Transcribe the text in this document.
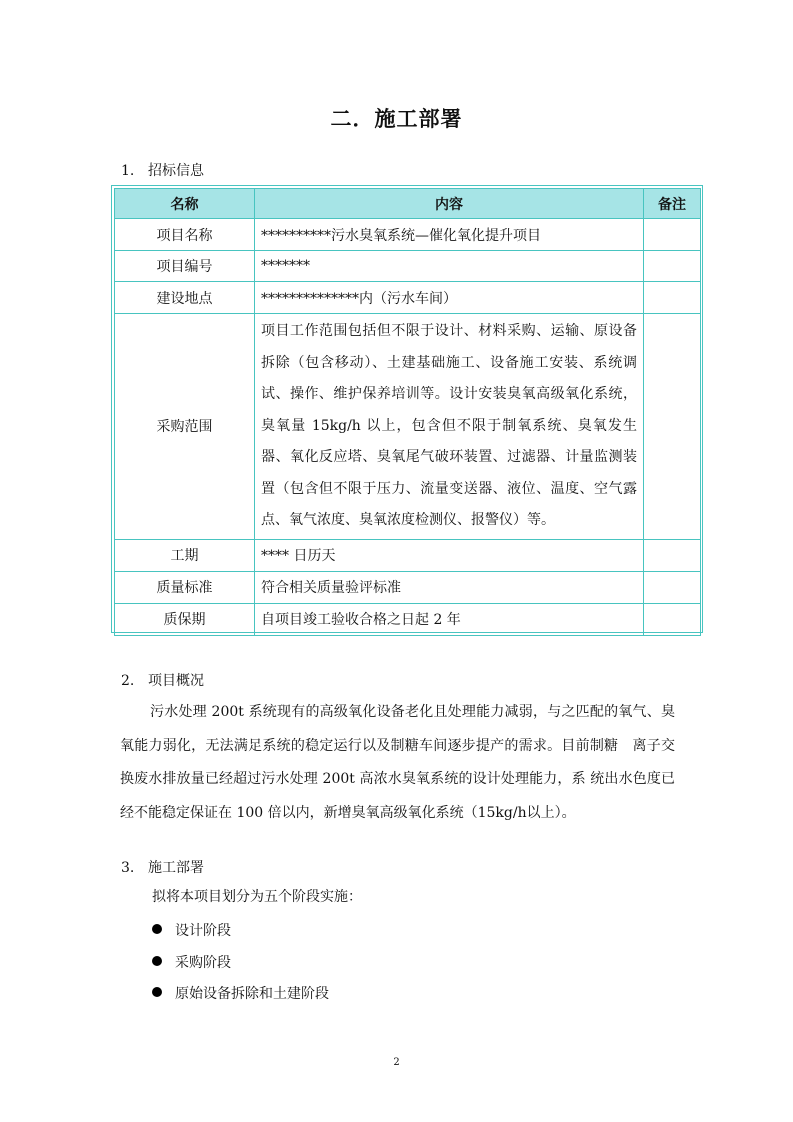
二．施工部署
1. 招标信息
名称	内容	备注
项目名称	**********污水臭氧系统—催化氧化提升项目	
项目编号	*******	
建设地点	**************内（污水车间）	
采购范围	项目工作范围包括但不限于设计、材料采购、运输、原设备拆除（包含移动）、土建基础施工、设备施工安装、系统调试、操作、维护保养培训等。设计安装臭氧高级氧化系统，臭氧量 15kg/h 以上，包含但不限于制氧系统、臭氧发生器、氧化反应塔、臭氧尾气破环装置、过滤器、计量监测装置（包含但不限于压力、流量变送器、液位、温度、空气露点、氧气浓度、臭氧浓度检测仪、报警仪）等。	
工期	**** 日历天	
质量标准	符合相关质量验评标准	
质保期	自项目竣工验收合格之日起 2 年	
2. 项目概况
污水处理 200t 系统现有的高级氧化设备老化且处理能力减弱，与之匹配的氧气、臭氧能力弱化，无法满足系统的稳定运行以及制糖车间逐步提产的需求。目前制糖　离子交换废水排放量已经超过污水处理 200t 高浓水臭氧系统的设计处理能力，系 统出水色度已经不能稳定保证在 100 倍以内，新增臭氧高级氧化系统（15kg/h以上）。
3. 施工部署
拟将本项目划分为五个阶段实施：
设计阶段
采购阶段
原始设备拆除和土建阶段
2
